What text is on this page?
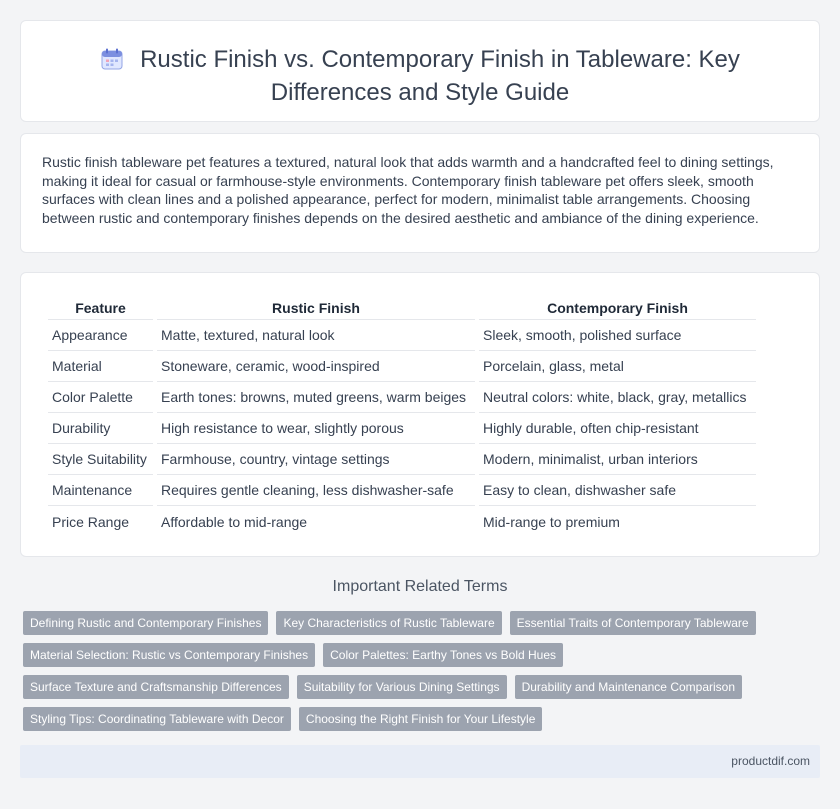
Rustic Finish vs. Contemporary Finish in Tableware: Key
Differences and Style Guide

Rustic finish tableware pet features a textured, natural look that adds warmth and a handcrafted feel to dining settings, making it ideal for casual or farmhouse-style environments. Contemporary finish tableware pet offers sleek, smooth surfaces with clean lines and a polished appearance, perfect for modern, minimalist table arrangements. Choosing between rustic and contemporary finishes depends on the desired aesthetic and ambiance of the dining experience.

Feature	Rustic Finish	Contemporary Finish
Appearance	Matte, textured, natural look	Sleek, smooth, polished surface
Material	Stoneware, ceramic, wood-inspired	Porcelain, glass, metal
Color Palette	Earth tones: browns, muted greens, warm beiges	Neutral colors: white, black, gray, metallics
Durability	High resistance to wear, slightly porous	Highly durable, often chip-resistant
Style Suitability	Farmhouse, country, vintage settings	Modern, minimalist, urban interiors
Maintenance	Requires gentle cleaning, less dishwasher-safe	Easy to clean, dishwasher safe
Price Range	Affordable to mid-range	Mid-range to premium
Important Related Terms
Defining Rustic and Contemporary Finishes	Key Characteristics of Rustic Tableware	Essential Traits of Contemporary Tableware
Material Selection: Rustic vs Contemporary Finishes	Color Palettes: Earthy Tones vs Bold Hues
Surface Texture and Craftsmanship Differences	Suitability for Various Dining Settings	Durability and Maintenance Comparison
Styling Tips: Coordinating Tableware with Decor	Choosing the Right Finish for Your Lifestyle
productdif.com
